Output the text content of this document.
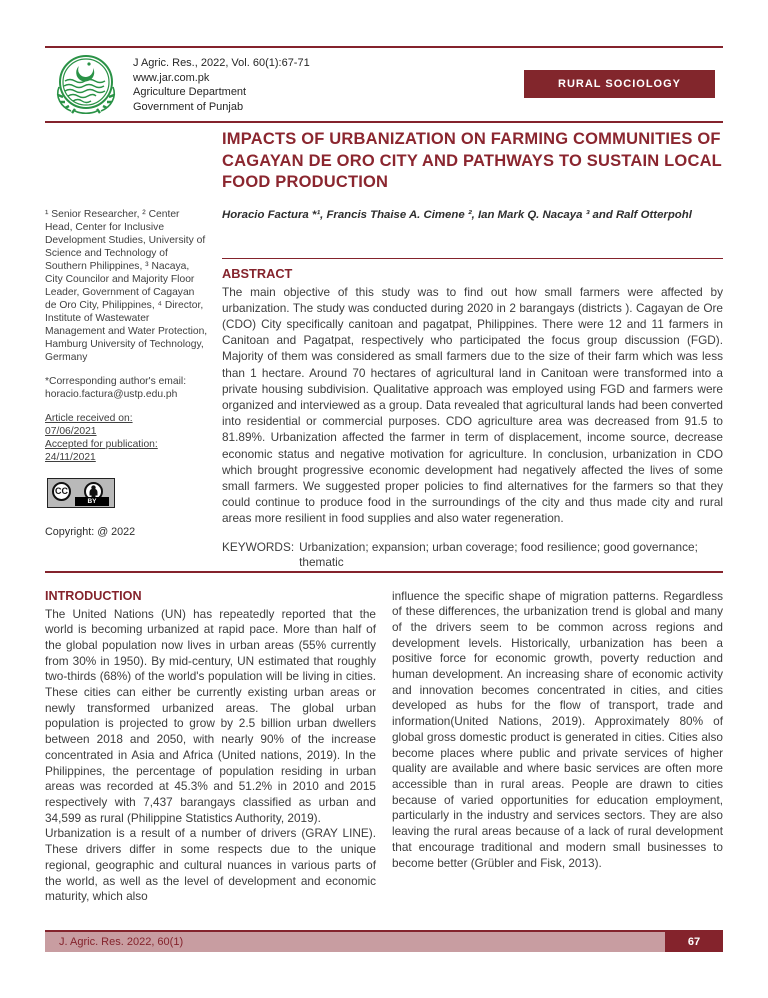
J Agric. Res., 2022, Vol. 60(1):67-71
www.jar.com.pk
Agriculture Department
Government of Punjab
RURAL SOCIOLOGY
¹ Senior Researcher, ² Center Head, Center for Inclusive Development Studies, University of Science and Technology of Southern Philippines, ³ Nacaya, City Councilor and Majority Floor Leader, Government of Cagayan de Oro City, Philippines, ⁴ Director, Institute of Wastewater Management and Water Protection, Hamburg University of Technology, Germany
*Corresponding author's email:
horacio.factura@ustp.edu.ph
Article received on:
07/06/2021
Accepted for publication:
24/11/2021
CC
BY
Copyright: @ 2022
IMPACTS OF URBANIZATION ON FARMING COMMUNITIES OF CAGAYAN DE ORO CITY AND PATHWAYS TO SUSTAIN LOCAL FOOD PRODUCTION
Horacio Factura *¹, Francis Thaise A. Cimene ², Ian Mark Q. Nacaya ³ and Ralf Otterpohl
ABSTRACT
The main objective of this study was to find out how small farmers were affected by urbanization. The study was conducted during 2020 in 2 barangays (districts ). Cagayan de Ore (CDO) City specifically canitoan and pagatpat, Philippines. There were 12 and 11 farmers in Canitoan and Pagatpat, respectively who participated the focus group discussion (FGD). Majority of them was considered as small farmers due to the size of their farm which was less than 1 hectare. Around 70 hectares of agricultural land in Canitoan were transformed into a private housing subdivision. Qualitative approach was employed using FGD and farmers were organized and interviewed as a group. Data revealed that agricultural lands had been converted into residential or commercial purposes. CDO agriculture area was decreased from 91.5 to 81.89%. Urbanization affected the farmer in term of displacement, income source, decrease economic status and negative motivation for agriculture. In conclusion, urbanization in CDO which brought progressive economic development had negatively affected the lives of some small farmers. We suggested proper policies to find alternatives for the farmers so that they could continue to produce food in the surroundings of the city and thus made city and rural areas more resilient in food supplies and also water regeneration.
KEYWORDS: Urbanization; expansion; urban coverage; food resilience; good governance; thematic
INTRODUCTION

The United Nations (UN) has repeatedly reported that the world is becoming urbanized at rapid pace. More than half of the global population now lives in urban areas (55% currently from 30% in 1950). By mid-century, UN estimated that roughly two-thirds (68%) of the world's population will be living in cities. These cities can either be currently existing urban areas or newly transformed urbanized areas. The global urban population is projected to grow by 2.5 billion urban dwellers between 2018 and 2050, with nearly 90% of the increase concentrated in Asia and Africa (United nations, 2019). In the Philippines, the percentage of population residing in urban areas was recorded at 45.3% and 51.2% in 2010 and 2015 respectively with 7,437 barangays classified as urban and 34,599 as rural (Philippine Statistics Authority, 2019).

Urbanization is a result of a number of drivers (GRAY LINE). These drivers differ in some respects due to the unique regional, geographic and cultural nuances in various parts of the world, as well as the level of development and economic maturity, which also

influence the specific shape of migration patterns. Regardless of these differences, the urbanization trend is global and many of the drivers seem to be common across regions and development levels. Historically, urbanization has been a positive force for economic growth, poverty reduction and human development. An increasing share of economic activity and innovation becomes concentrated in cities, and cities developed as hubs for the flow of transport, trade and information(United Nations, 2019). Approximately 80% of global gross domestic product is generated in cities. Cities also become places where public and private services of higher quality are available and where basic services are often more accessible than in rural areas. People are drawn to cities because of varied opportunities for education employment, particularly in the industry and services sectors. They are also leaving the rural areas because of a lack of rural development that encourage traditional and modern small businesses to become better (Grübler and Fisk, 2013).

J. Agric. Res. 2022, 60(1)	67
